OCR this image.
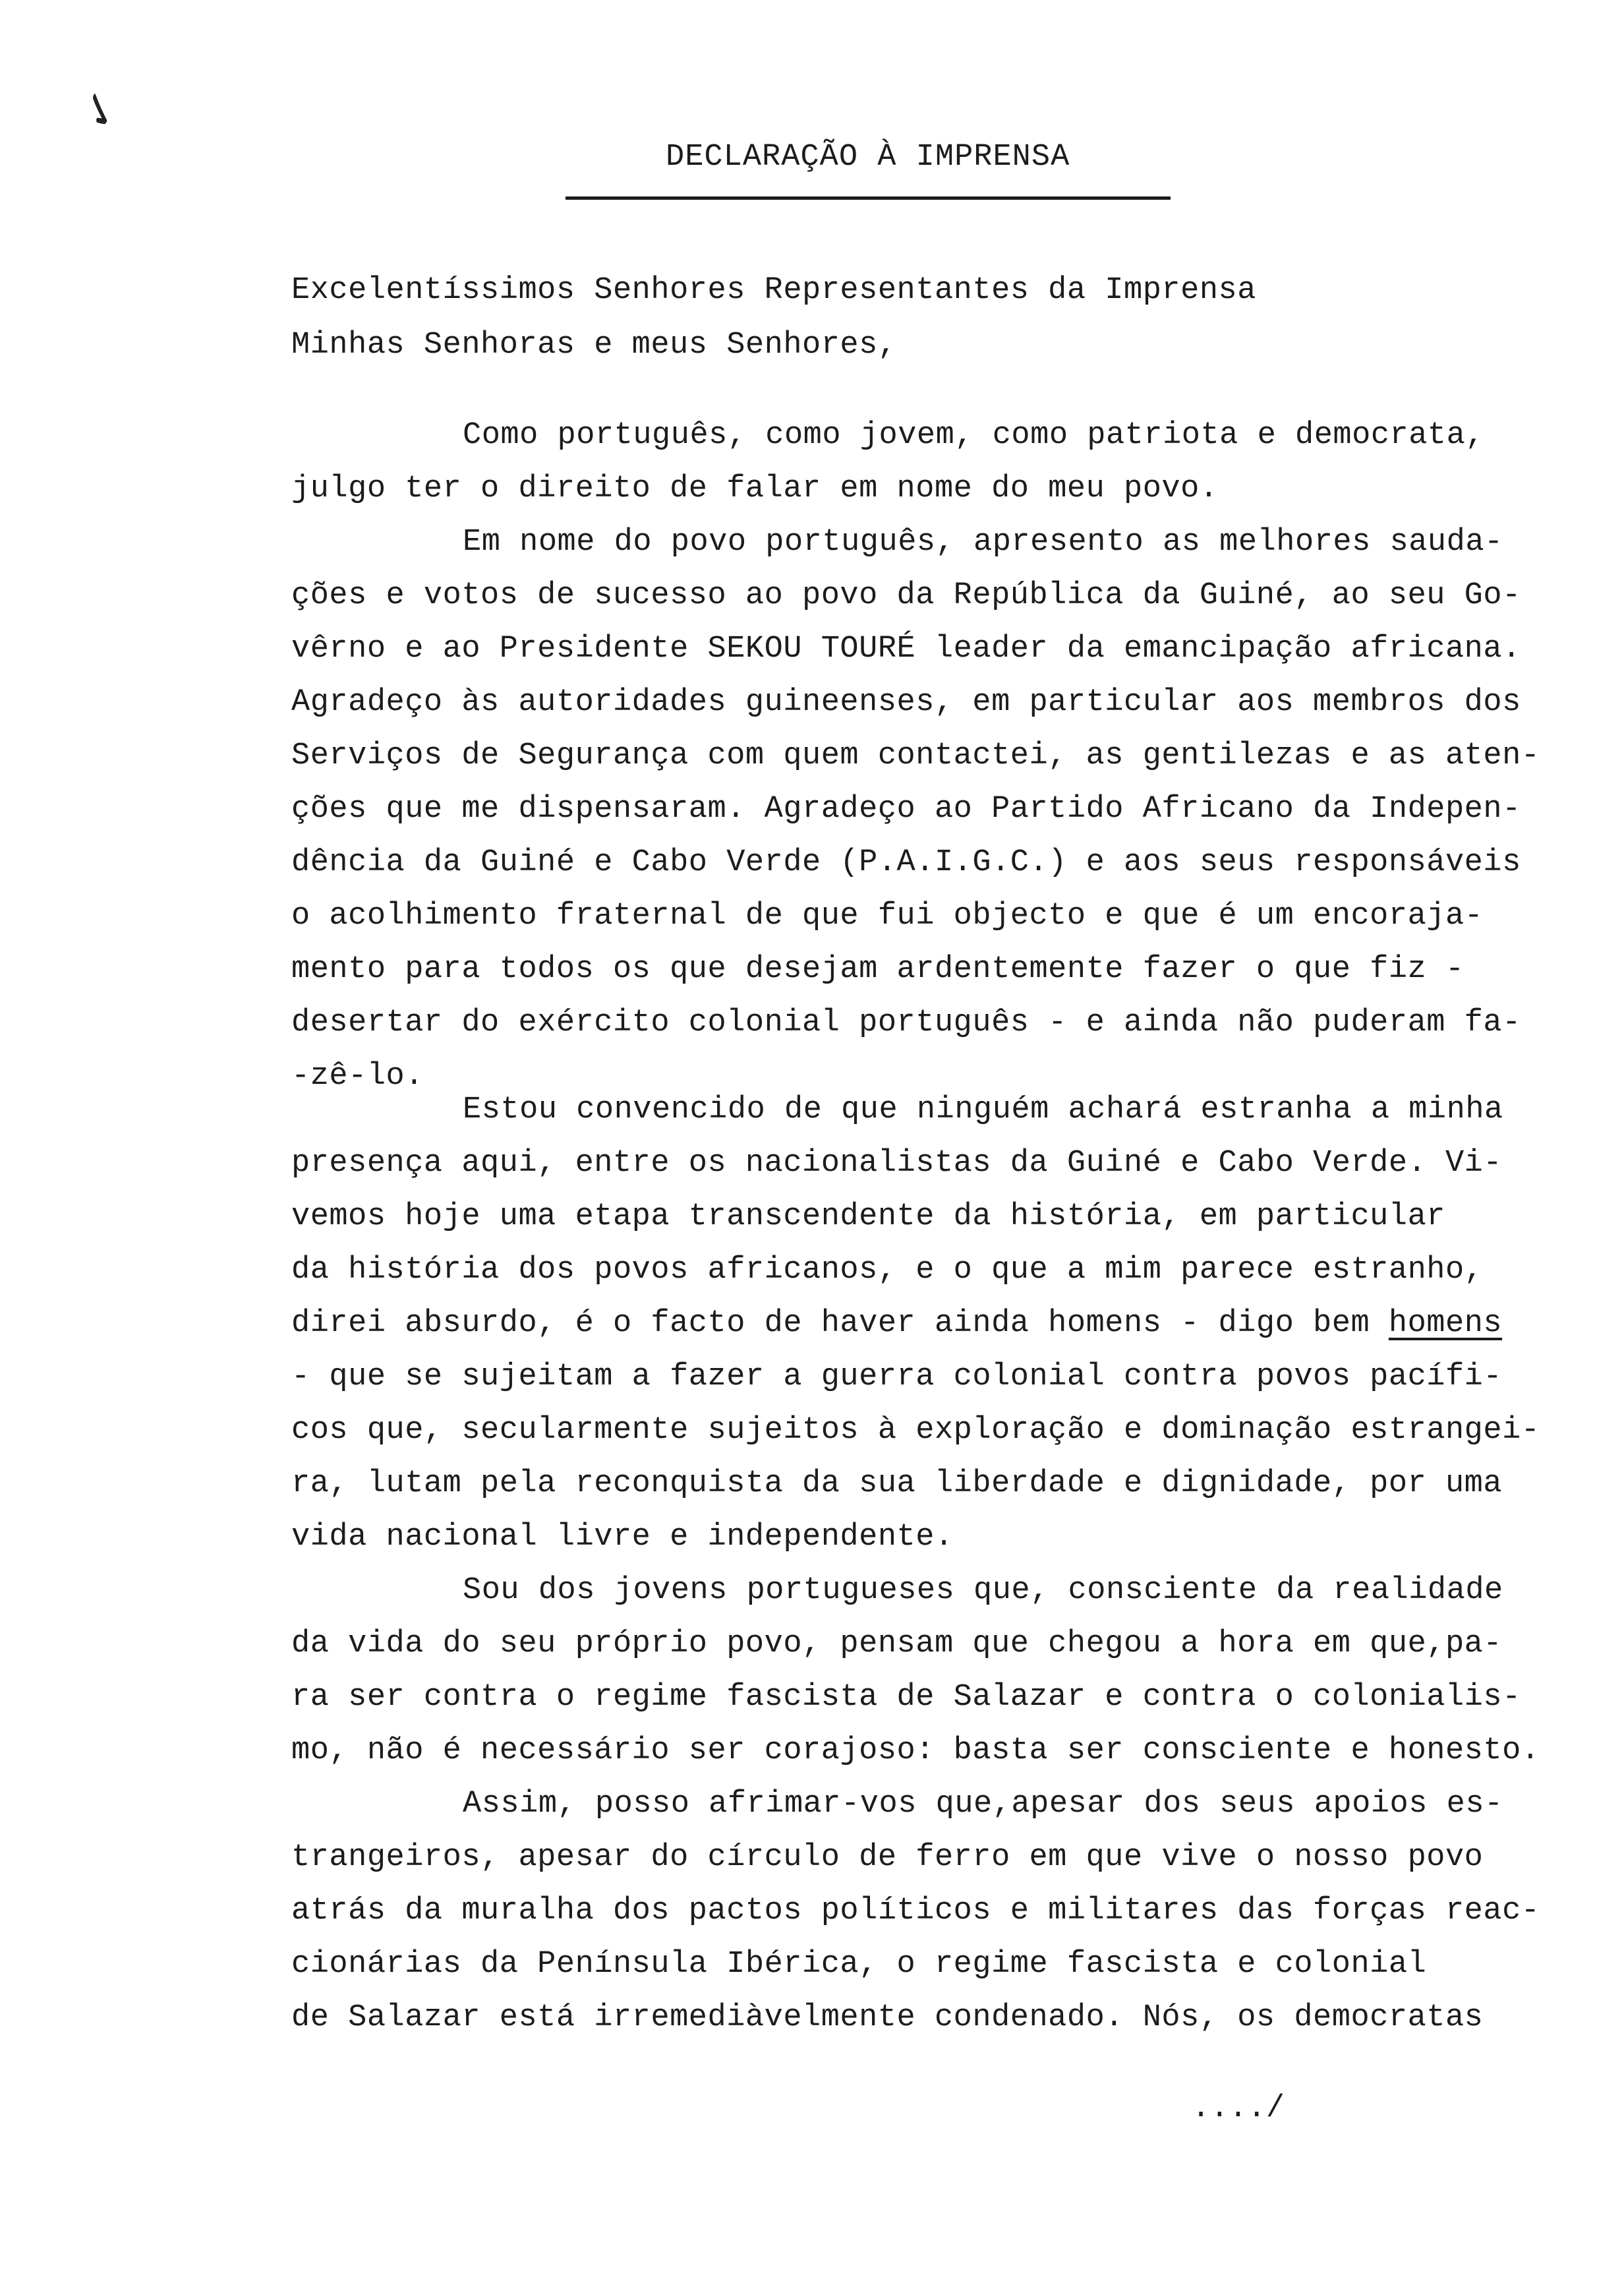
✓
DECLARAÇÃO À IMPRENSA
Excelentíssimos Senhores Representantes da Imprensa
Minhas Senhoras e meus Senhores,
Como português, como jovem, como patriota e democrata,
julgo ter o direito de falar em nome do meu povo.
Em nome do povo português, apresento as melhores sauda-
ções e votos de sucesso ao povo da República da Guiné, ao seu Go-
vêrno e ao Presidente SEKOU TOURÉ leader da emancipação africana.
Agradeço às autoridades guineenses, em particular aos membros dos
Serviços de Segurança com quem contactei, as gentilezas e as aten-
ções que me dispensaram. Agradeço ao Partido Africano da Indepen-
dência da Guiné e Cabo Verde (P.A.I.G.C.) e aos seus responsáveis
o acolhimento fraternal de que fui objecto e que é um encoraja-
mento para todos os que desejam ardentemente fazer o que fiz -
desertar do exército colonial português - e ainda não puderam fa-
-zê-lo.
Estou convencido de que ninguém achará estranha a minha
presença aqui, entre os nacionalistas da Guiné e Cabo Verde. Vi-
vemos hoje uma etapa transcendente da história, em particular
da história dos povos africanos, e o que a mim parece estranho,
direi absurdo, é o facto de haver ainda homens - digo bem homens
- que se sujeitam a fazer a guerra colonial contra povos pacífi-
cos que, secularmente sujeitos à exploração e dominação estrangei-
ra, lutam pela reconquista da sua liberdade e dignidade, por uma
vida nacional livre e independente.
Sou dos jovens portugueses que, consciente da realidade
da vida do seu próprio povo, pensam que chegou a hora em que,pa-
ra ser contra o regime fascista de Salazar e contra o colonialis-
mo, não é necessário ser corajoso: basta ser consciente e honesto.
Assim, posso afrimar-vos que,apesar dos seus apoios es-
trangeiros, apesar do círculo de ferro em que vive o nosso povo
atrás da muralha dos pactos políticos e militares das forças reac-
cionárias da Península Ibérica, o regime fascista e colonial
de Salazar está irremediàvelmente condenado. Nós, os democratas
..../
